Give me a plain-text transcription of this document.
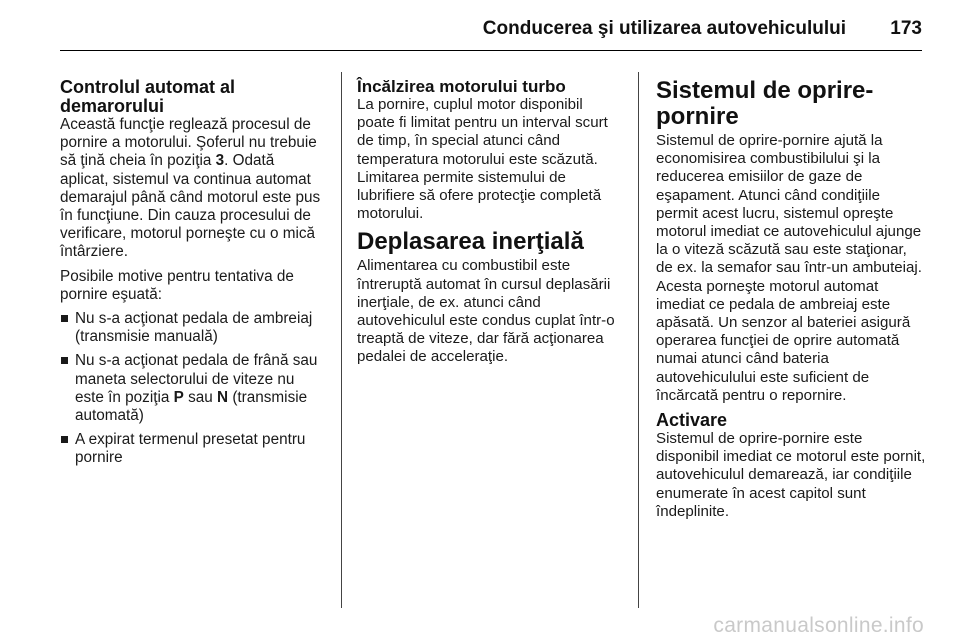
Conducerea şi utilizarea autovehiculului 173
Controlul automat al demarorului

Această funcţie reglează procesul de pornire a motorului. Şoferul nu trebuie să ţină cheia în poziţia 3. Odată aplicat, sistemul va continua automat demarajul până când motorul este pus în funcţiune. Din cauza procesului de verificare, motorul porneşte cu o mică întârziere.

Posibile motive pentru tentativa de pornire eşuată:

Nu s-a acţionat pedala de ambreiaj (transmisie manuală)
Nu s-a acţionat pedala de frână sau maneta selectorului de viteze nu este în poziţia P sau N (transmisie automată)
A expirat termenul presetat pentru pornire
Încălzirea motorului turbo

La pornire, cuplul motor disponibil poate fi limitat pentru un interval scurt de timp, în special atunci când temperatura motorului este scăzută. Limitarea permite sistemului de lubrifiere să ofere protecţie completă motorului.

Deplasarea inerţială

Alimentarea cu combustibil este întreruptă automat în cursul deplasării inerţiale, de ex. atunci când autovehiculul este condus cuplat într-o treaptă de viteze, dar fără acţionarea pedalei de acceleraţie.

Sistemul de oprire-pornire

Sistemul de oprire-pornire ajută la economisirea combustibilului şi la reducerea emisiilor de gaze de eşapament. Atunci când condiţiile permit acest lucru, sistemul opreşte motorul imediat ce autovehiculul ajunge la o viteză scăzută sau este staţionar, de ex. la semafor sau într-un ambuteiaj. Acesta porneşte motorul automat imediat ce pedala de ambreiaj este apăsată. Un senzor al bateriei asigură operarea funcţiei de oprire automată numai atunci când bateria autovehiculului este suficient de încărcată pentru o repornire.

Activare

Sistemul de oprire-pornire este disponibil imediat ce motorul este pornit, autovehiculul demarează, iar condiţiile enumerate în acest capitol sunt îndeplinite.

carmanualsonline.info
